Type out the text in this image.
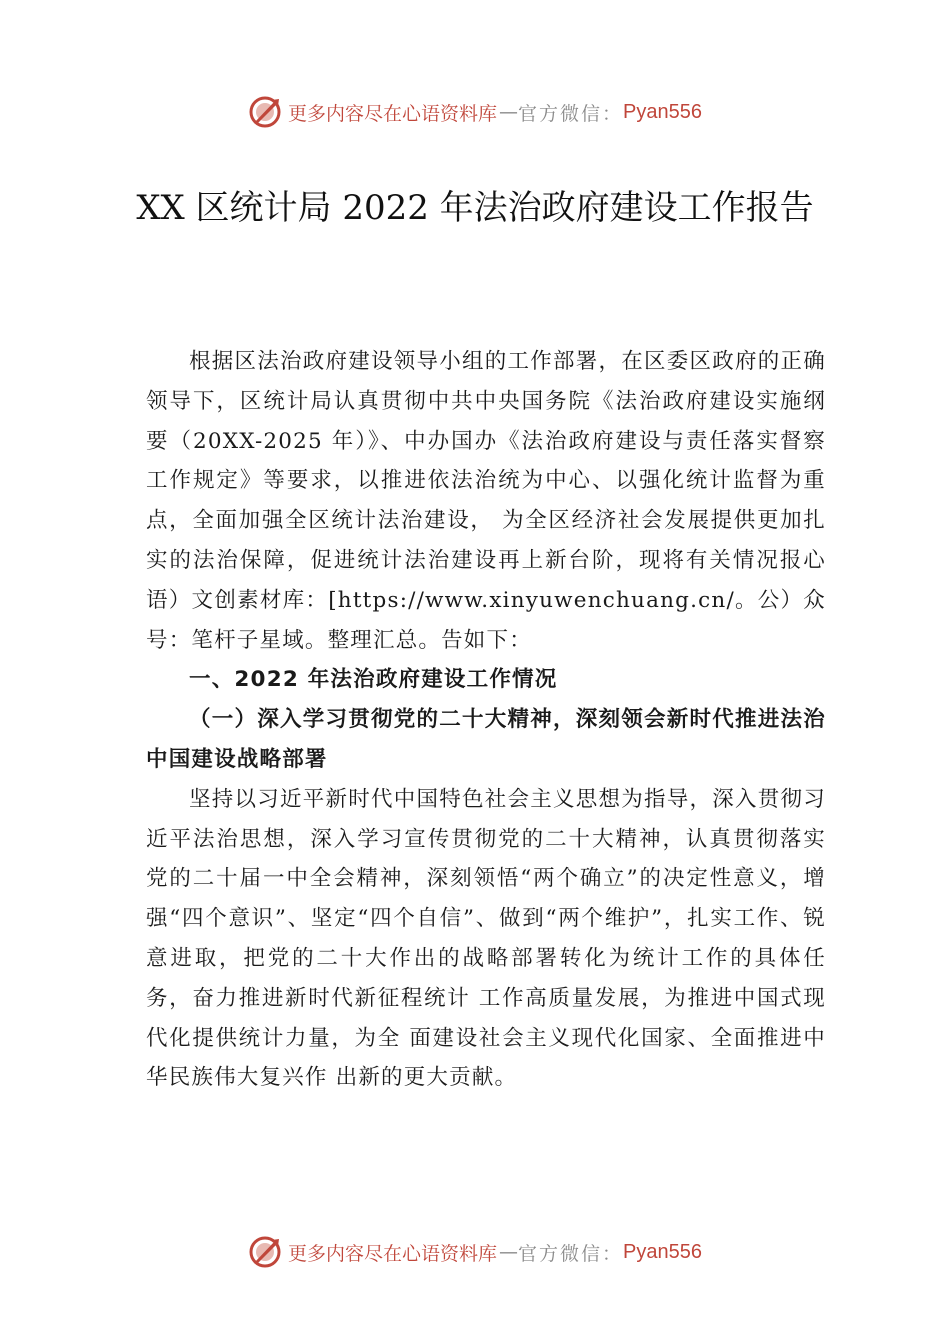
更多内容尽在心语资料库 — 官方微信： Pyan556
XX 区统计局 2022 年法治政府建设工作报告

根据区法治政府建设领导小组的工作部署，在区委区政府的正确领导下，区统计局认真贯彻中共中央国务院《法治政府建设实施纲要（20XX-2025 年）》、中办国办《法治政府建设与责任落实督察工作规定》等要求，以推进依法治统为中心、以强化统计监督为重点，全面加强全区统计法治建设， 为全区经济社会发展提供更加扎实的法治保障，促进统计法治建设再上新台阶，现将有关情况报心语）文创素材库：[https://www.xinyuwenchuang.cn/。公）众号：笔杆子星域。整理汇总。告如下：

一、2022 年法治政府建设工作情况

（一）深入学习贯彻党的二十大精神，深刻领会新时代推进法治中国建设战略部署

坚持以习近平新时代中国特色社会主义思想为指导，深入贯彻习近平法治思想，深入学习宣传贯彻党的二十大精神，认真贯彻落实党的二十届一中全会精神，深刻领悟“两个确立”的决定性意义，增强“四个意识”、坚定“四个自信”、做到“两个维护”，扎实工作、锐意进取，把党的二十大作出的战略部署转化为统计工作的具体任务，奋力推进新时代新征程统计 工作高质量发展，为推进中国式现代化提供统计力量，为全 面建设社会主义现代化国家、全面推进中华民族伟大复兴作 出新的更大贡献。

更多内容尽在心语资料库 — 官方微信： Pyan556
